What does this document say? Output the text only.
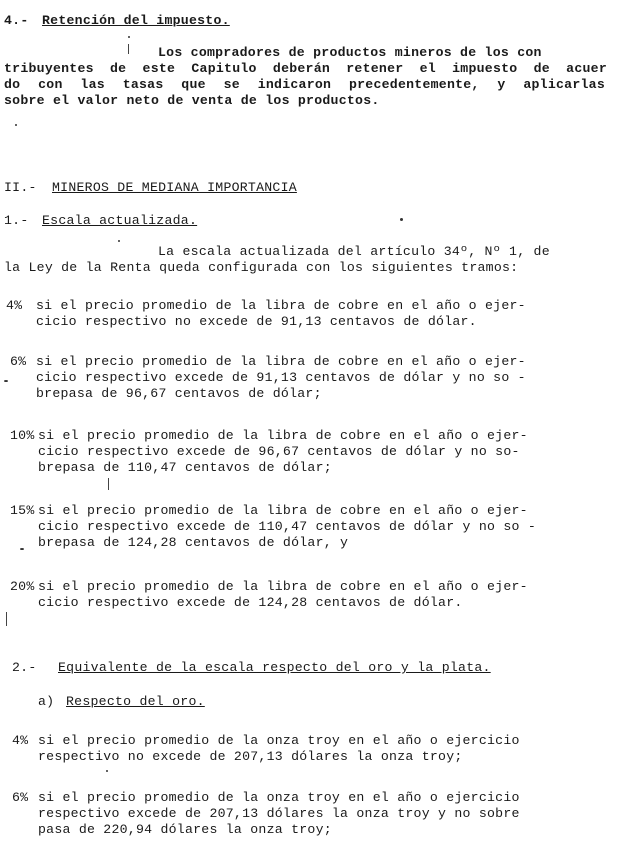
4.- Retención del impuesto.
Los compradores de productos mineros de los con
tribuyentes de este Capitulo deberán retener el impuesto de acuer
do con las tasas que se indicaron precedentemente, y aplicarlas
sobre el valor neto de venta de los productos.
II.- MINEROS DE MEDIANA IMPORTANCIA
1.- Escala actualizada.
La escala actualizada del artículo 34º, Nº 1, de
la Ley de la Renta queda configurada con los siguientes tramos:
4% si el precio promedio de la libra de cobre en el año o ejer-
cicio respectivo no excede de 91,13 centavos de dólar.
6% si el precio promedio de la libra de cobre en el año o ejer-
cicio respectivo excede de 91,13 centavos de dólar y no so -
brepasa de 96,67 centavos de dólar;
10% si el precio promedio de la libra de cobre en el año o ejer-
cicio respectivo excede de 96,67 centavos de dólar y no so-
brepasa de 110,47 centavos de dólar;
15% si el precio promedio de la libra de cobre en el año o ejer-
cicio respectivo excede de 110,47 centavos de dólar y no so -
brepasa de 124,28 centavos de dólar, y
20% si el precio promedio de la libra de cobre en el año o ejer-
cicio respectivo excede de 124,28 centavos de dólar.
2.- Equivalente de la escala respecto del oro y la plata.
a) Respecto del oro.
4% si el precio promedio de la onza troy en el año o ejercicio
respectivo no excede de 207,13 dólares la onza troy;
6% si el precio promedio de la onza troy en el año o ejercicio
respectivo excede de 207,13 dólares la onza troy y no sobre
pasa de 220,94 dólares la onza troy;
